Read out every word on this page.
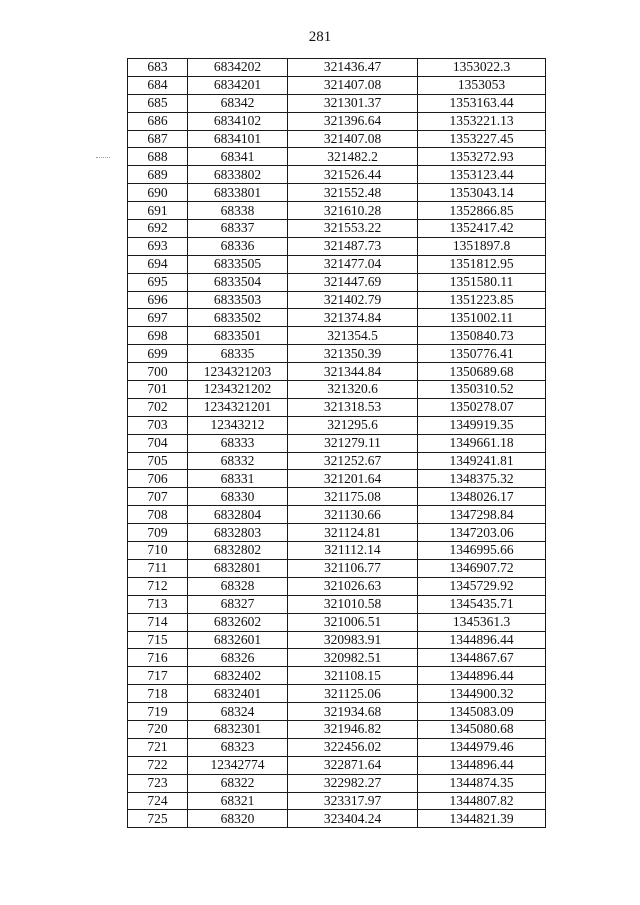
281
683	6834202	321436.47	1353022.3
684	6834201	321407.08	1353053
685	68342	321301.37	1353163.44
686	6834102	321396.64	1353221.13
687	6834101	321407.08	1353227.45
688	68341	321482.2	1353272.93
689	6833802	321526.44	1353123.44
690	6833801	321552.48	1353043.14
691	68338	321610.28	1352866.85
692	68337	321553.22	1352417.42
693	68336	321487.73	1351897.8
694	6833505	321477.04	1351812.95
695	6833504	321447.69	1351580.11
696	6833503	321402.79	1351223.85
697	6833502	321374.84	1351002.11
698	6833501	321354.5	1350840.73
699	68335	321350.39	1350776.41
700	1234321203	321344.84	1350689.68
701	1234321202	321320.6	1350310.52
702	1234321201	321318.53	1350278.07
703	12343212	321295.6	1349919.35
704	68333	321279.11	1349661.18
705	68332	321252.67	1349241.81
706	68331	321201.64	1348375.32
707	68330	321175.08	1348026.17
708	6832804	321130.66	1347298.84
709	6832803	321124.81	1347203.06
710	6832802	321112.14	1346995.66
711	6832801	321106.77	1346907.72
712	68328	321026.63	1345729.92
713	68327	321010.58	1345435.71
714	6832602	321006.51	1345361.3
715	6832601	320983.91	1344896.44
716	68326	320982.51	1344867.67
717	6832402	321108.15	1344896.44
718	6832401	321125.06	1344900.32
719	68324	321934.68	1345083.09
720	6832301	321946.82	1345080.68
721	68323	322456.02	1344979.46
722	12342774	322871.64	1344896.44
723	68322	322982.27	1344874.35
724	68321	323317.97	1344807.82
725	68320	323404.24	1344821.39
